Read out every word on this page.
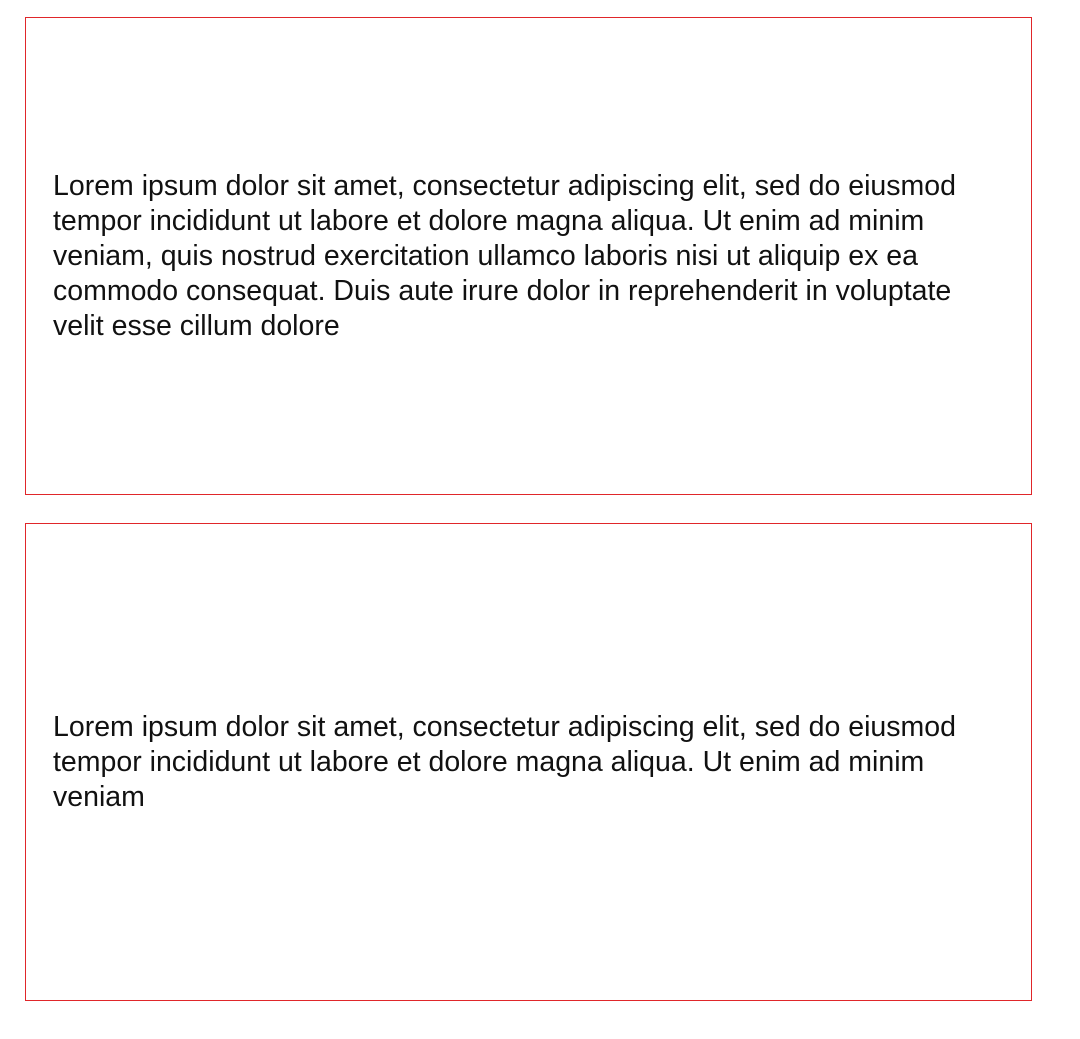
Lorem ipsum dolor sit amet, consectetur adipiscing elit, sed do eiusmod tempor incididunt ut labore et dolore magna aliqua. Ut enim ad minim veniam, quis nostrud exercitation ullamco laboris nisi ut aliquip ex ea commodo consequat. Duis aute irure dolor in reprehenderit in voluptate velit esse cillum dolore

Lorem ipsum dolor sit amet, consectetur adipiscing elit, sed do eiusmod tempor incididunt ut labore et dolore magna aliqua. Ut enim ad minim veniam
